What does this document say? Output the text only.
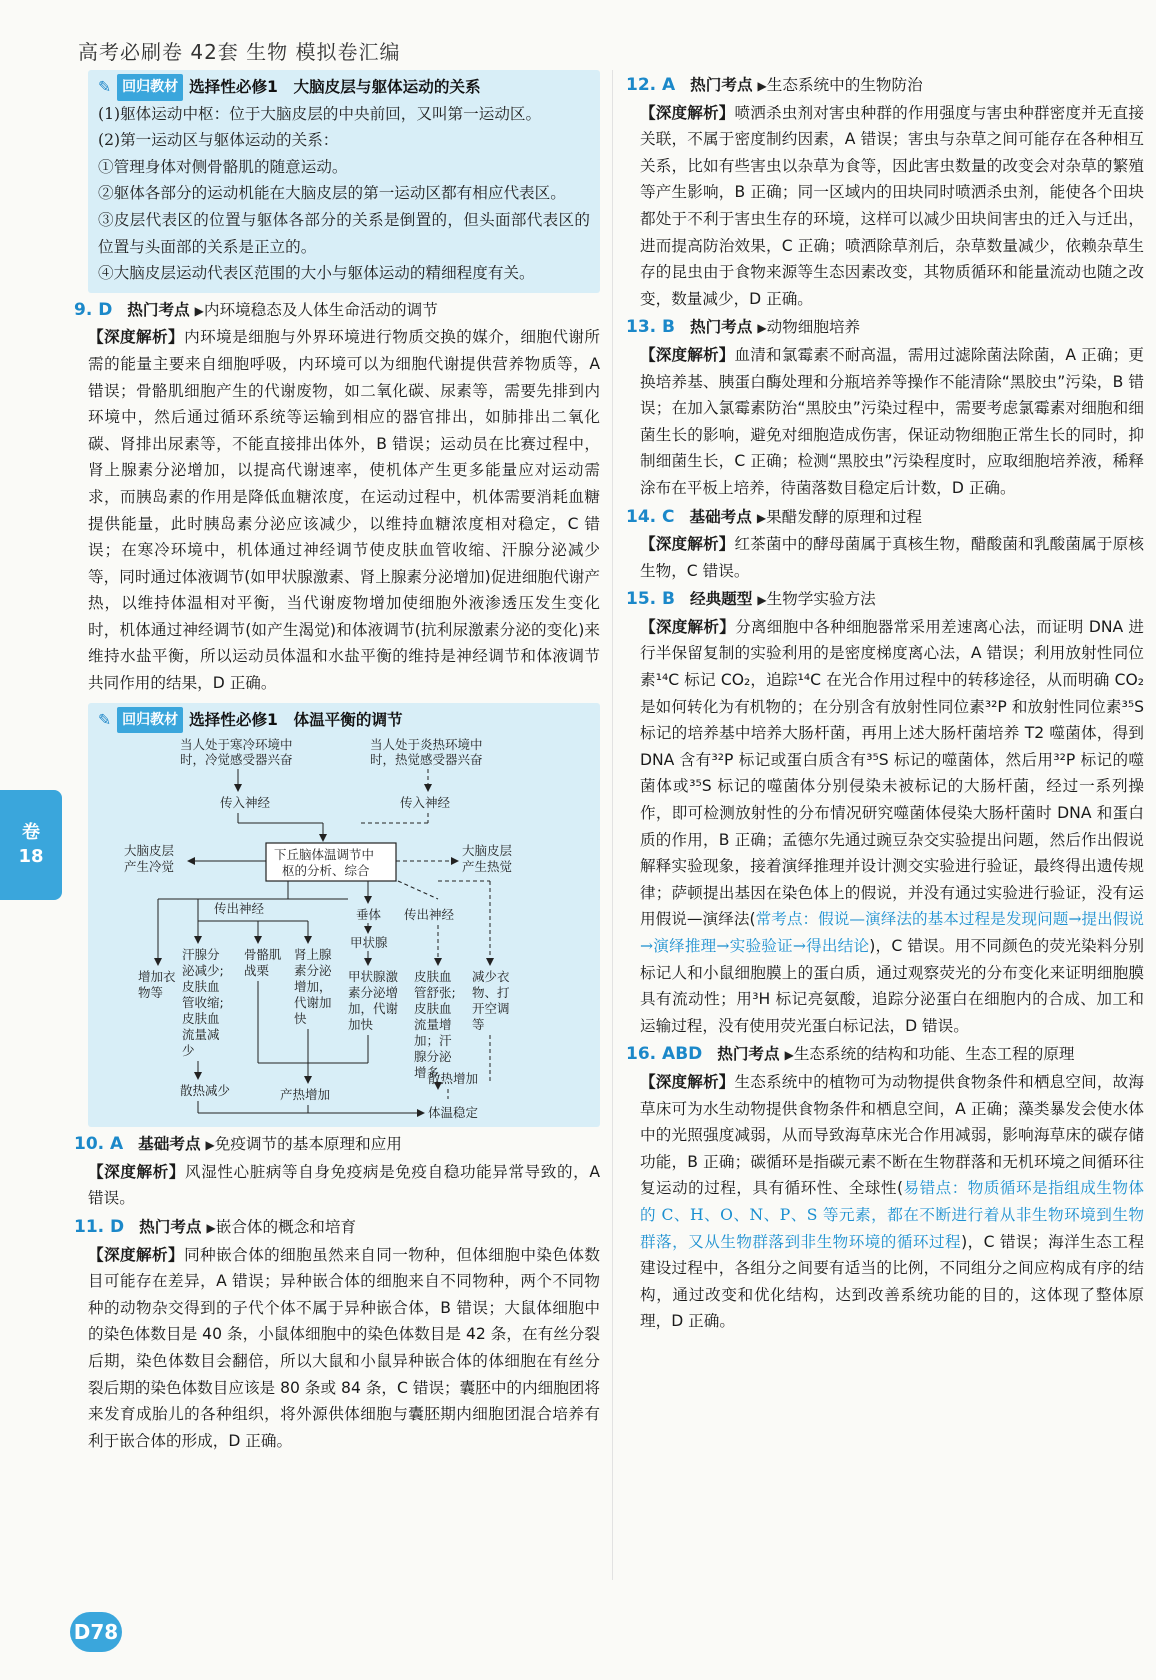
高考必刷卷 42套 生物 模拟卷汇编
✎ 回归教材 选择性必修1　大脑皮层与躯体运动的关系
(1)躯体运动中枢：位于大脑皮层的中央前回，又叫第一运动区。
(2)第一运动区与躯体运动的关系：
①管理身体对侧骨骼肌的随意运动。
②躯体各部分的运动机能在大脑皮层的第一运动区都有相应代表区。
③皮层代表区的位置与躯体各部分的关系是倒置的，但头面部代表区的位置与头面部的关系是正立的。
④大脑皮层运动代表区范围的大小与躯体运动的精细程度有关。
9. D 热门考点 ▶内环境稳态及人体生命活动的调节
【深度解析】内环境是细胞与外界环境进行物质交换的媒介，细胞代谢所需的能量主要来自细胞呼吸，内环境可以为细胞代谢提供营养物质等，A 错误；骨骼肌细胞产生的代谢废物，如二氧化碳、尿素等，需要先排到内环境中，然后通过循环系统等运输到相应的器官排出，如肺排出二氧化碳、肾排出尿素等，不能直接排出体外，B 错误；运动员在比赛过程中，肾上腺素分泌增加，以提高代谢速率，使机体产生更多能量应对运动需求，而胰岛素的作用是降低血糖浓度，在运动过程中，机体需要消耗血糖提供能量，此时胰岛素分泌应该减少，以维持血糖浓度相对稳定，C 错误；在寒冷环境中，机体通过神经调节使皮肤血管收缩、汗腺分泌减少等，同时通过体液调节(如甲状腺激素、肾上腺素分泌增加)促进细胞代谢产热，以维持体温相对平衡，当代谢废物增加使细胞外液渗透压发生变化时，机体通过神经调节(如产生渴觉)和体液调节(抗利尿激素分泌的变化)来维持水盐平衡，所以运动员体温和水盐平衡的维持是神经调节和体液调节共同作用的结果，D 正确。
✎ 回归教材 选择性必修1　体温平衡的调节
当人处于寒冷环境中
时，冷觉感受器兴奋
当人处于炎热环境中
时，热觉感受器兴奋
传入神经	传入神经
下丘脑体温调节中
枢的分析、综合
大脑皮层
产生冷觉
大脑皮层
产生热觉
传出神经	垂体
甲状腺
传出神经
增加衣
物等
汗腺分
泌减少;
皮肤血
管收缩;
皮肤血
流量减
少
骨骼肌
战栗
肾上腺
素分泌
增加，
代谢加
快
甲状腺激
素分泌增
加，代谢
加快
皮肤血
管舒张;
皮肤血
流量增
加；汗
腺分泌
增多
减少衣
物、打
开空调
等
散热减少	产热增加
散热增加
体温稳定
10. A 基础考点 ▶免疫调节的基本原理和应用
【深度解析】风湿性心脏病等自身免疫病是免疫自稳功能异常导致的，A 错误。
11. D 热门考点 ▶嵌合体的概念和培育
【深度解析】同种嵌合体的细胞虽然来自同一物种，但体细胞中染色体数目可能存在差异，A 错误；异种嵌合体的细胞来自不同物种，两个不同物种的动物杂交得到的子代个体不属于异种嵌合体，B 错误；大鼠体细胞中的染色体数目是 40 条，小鼠体细胞中的染色体数目是 42 条，在有丝分裂后期，染色体数目会翻倍，所以大鼠和小鼠异种嵌合体的体细胞在有丝分裂后期的染色体数目应该是 80 条或 84 条，C 错误；囊胚中的内细胞团将来发育成胎儿的各种组织，将外源供体细胞与囊胚期内细胞团混合培养有利于嵌合体的形成，D 正确。
12. A 热门考点 ▶生态系统中的生物防治
【深度解析】喷洒杀虫剂对害虫种群的作用强度与害虫种群密度并无直接关联，不属于密度制约因素，A 错误；害虫与杂草之间可能存在各种相互关系，比如有些害虫以杂草为食等，因此害虫数量的改变会对杂草的繁殖等产生影响，B 正确；同一区域内的田块同时喷洒杀虫剂，能使各个田块都处于不利于害虫生存的环境，这样可以减少田块间害虫的迁入与迁出，进而提高防治效果，C 正确；喷洒除草剂后，杂草数量减少，依赖杂草生存的昆虫由于食物来源等生态因素改变，其物质循环和能量流动也随之改变，数量减少，D 正确。
13. B 热门考点 ▶动物细胞培养
【深度解析】血清和氯霉素不耐高温，需用过滤除菌法除菌，A 正确；更换培养基、胰蛋白酶处理和分瓶培养等操作不能清除“黑胶虫”污染，B 错误；在加入氯霉素防治“黑胶虫”污染过程中，需要考虑氯霉素对细胞和细菌生长的影响，避免对细胞造成伤害，保证动物细胞正常生长的同时，抑制细菌生长，C 正确；检测“黑胶虫”污染程度时，应取细胞培养液，稀释涂布在平板上培养，待菌落数目稳定后计数，D 正确。
14. C 基础考点 ▶果醋发酵的原理和过程
【深度解析】红茶菌中的酵母菌属于真核生物，醋酸菌和乳酸菌属于原核生物，C 错误。
15. B 经典题型 ▶生物学实验方法
【深度解析】分离细胞中各种细胞器常采用差速离心法，而证明 DNA 进行半保留复制的实验利用的是密度梯度离心法，A 错误；利用放射性同位素¹⁴C 标记 CO₂，追踪¹⁴C 在光合作用过程中的转移途径，从而明确 CO₂ 是如何转化为有机物的；在分别含有放射性同位素³²P 和放射性同位素³⁵S 标记的培养基中培养大肠杆菌，再用上述大肠杆菌培养 T2 噬菌体，得到 DNA 含有³²P 标记或蛋白质含有³⁵S 标记的噬菌体，然后用³²P 标记的噬菌体或³⁵S 标记的噬菌体分别侵染未被标记的大肠杆菌，经过一系列操作，即可检测放射性的分布情况研究噬菌体侵染大肠杆菌时 DNA 和蛋白质的作用，B 正确；孟德尔先通过豌豆杂交实验提出问题，然后作出假说解释实验现象，接着演绎推理并设计测交实验进行验证，最终得出遗传规律；萨顿提出基因在染色体上的假说，并没有通过实验进行验证，没有运用假说—演绎法(常考点：假说—演绎法的基本过程是发现问题→提出假说→演绎推理→实验验证→得出结论)，C 错误。用不同颜色的荧光染料分别标记人和小鼠细胞膜上的蛋白质，通过观察荧光的分布变化来证明细胞膜具有流动性；用³H 标记亮氨酸，追踪分泌蛋白在细胞内的合成、加工和运输过程，没有使用荧光蛋白标记法，D 错误。
16. ABD 热门考点 ▶生态系统的结构和功能、生态工程的原理
【深度解析】生态系统中的植物可为动物提供食物条件和栖息空间，故海草床可为水生动物提供食物条件和栖息空间，A 正确；藻类暴发会使水体中的光照强度减弱，从而导致海草床光合作用减弱，影响海草床的碳存储功能，B 正确；碳循环是指碳元素不断在生物群落和无机环境之间循环往复运动的过程，具有循环性、全球性(易错点：物质循环是指组成生物体的 C、H、O、N、P、S 等元素，都在不断进行着从非生物环境到生物群落，又从生物群落到非生物环境的循环过程)，C 错误；海洋生态工程建设过程中，各组分之间要有适当的比例，不同组分之间应构成有序的结构，通过改变和优化结构，达到改善系统功能的目的，这体现了整体原理，D 正确。
卷
18
D78
